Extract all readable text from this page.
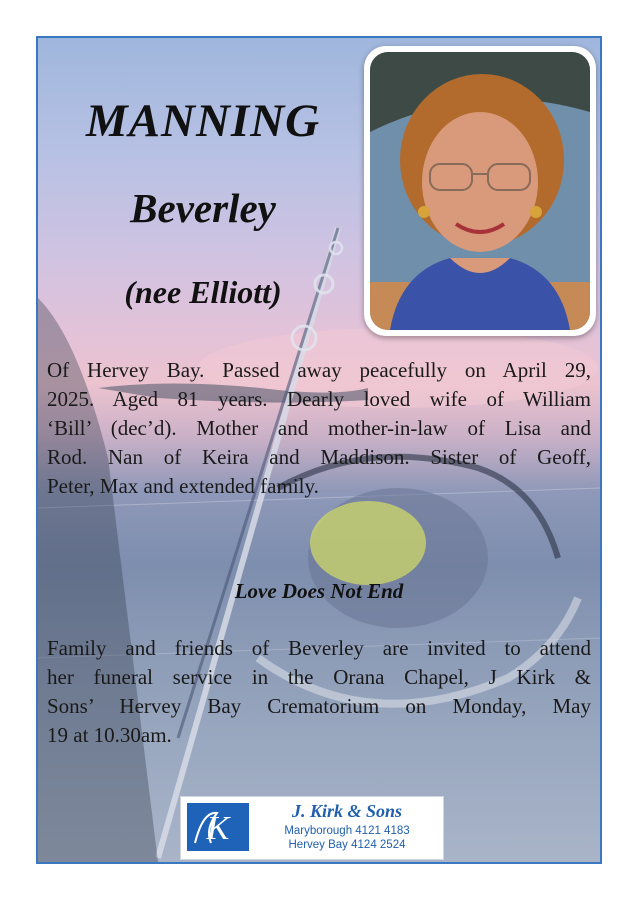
MANNING
Beverley
(nee Elliott)
Of Hervey Bay. Passed away peacefully on April 29,
2025. Aged 81 years. Dearly loved wife of William
‘Bill’ (dec’d). Mother and mother-in-law of Lisa and
Rod. Nan of Keira and Maddison. Sister of Geoff,
Peter, Max and extended family.

Love Does Not End

Family and friends of Beverley are invited to attend
her funeral service in the Orana Chapel, J Kirk &
Sons’ Hervey Bay Crematorium on Monday, May
19 at 10.30am.
K	J. Kirk & Sons

Maryborough 4121 4183

Hervey Bay 4124 2524
